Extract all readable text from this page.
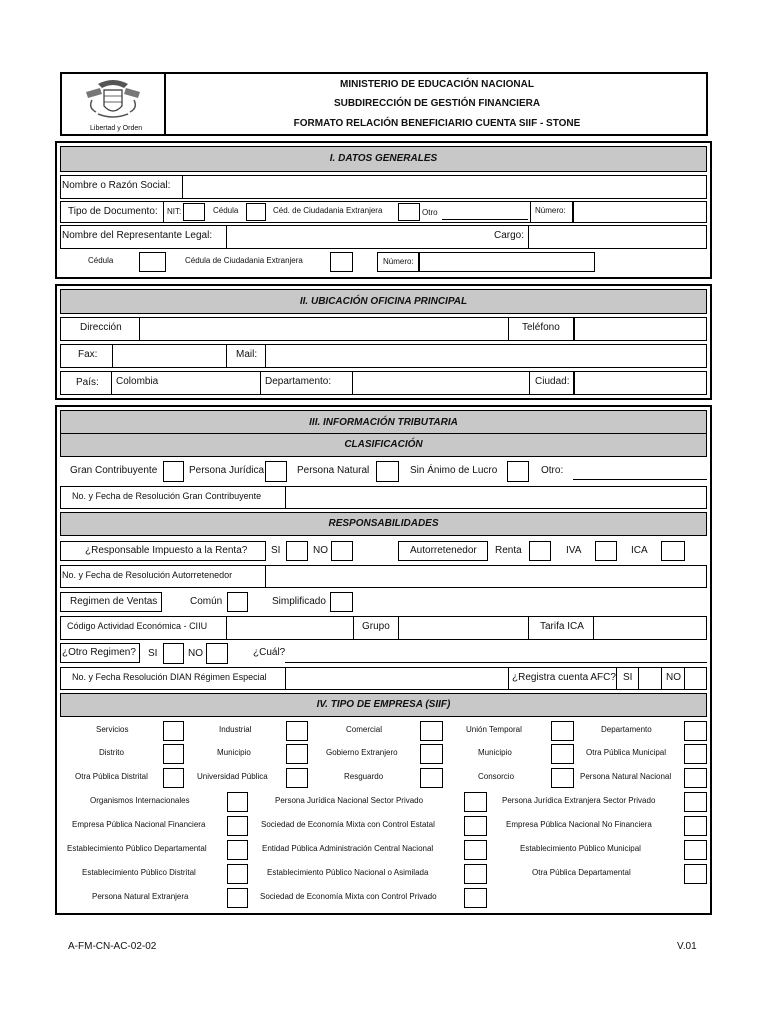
Libertad y Orden
MINISTERIO DE EDUCACIÓN NACIONAL
SUBDIRECCIÓN DE GESTIÓN FINANCIERA
FORMATO RELACIÓN BENEFICIARIO CUENTA SIIF - STONE
I. DATOS GENERALES
Nombre o Razón Social:
Tipo de Documento: NIT:	Cédula	Céd. de Ciudadania Extranjera	Otro	Número:
Nombre del Representante Legal:	Cargo:
Cédula	Cédula de Ciudadania Extranjera	Número:
II. UBICACIÓN OFICINA PRINCIPAL
Dirección	Teléfono
Fax:	Mail:
País: Colombia	Departamento:	Ciudad:
III. INFORMACIÓN TRIBUTARIA
CLASIFICACIÓN
Gran Contribuyente	Persona Jurídica	Persona Natural	Sin Ánimo de Lucro	Otro:
No. y Fecha de Resolución Gran Contribuyente
RESPONSABILIDADES
¿Responsable Impuesto a la Renta? SI	NO	Autorretenedor Renta	IVA	ICA
No. y Fecha de Resolución Autorretenedor
Regimen de Ventas	Común	Simplificado
Código Actividad Económica - CIIU	Grupo	Tarifa ICA
¿Otro Regimen? SI	NO	¿Cuál?
No. y Fecha Resolución DIAN Régimen Especial	¿Registra cuenta AFC? SI	NO
IV. TIPO DE EMPRESA (SIIF)
Servicios	Industrial	Comercial	Unión Temporal	Departamento
Distrito	Municipio	Gobierno Extranjero	Municipio	Otra Pública Municipal
Otra Pública Distrital	Universidad Pública	Resguardo	Consorcio	Persona Natural Nacional
Organismos Internacionales	Persona Jurídica Nacional Sector Privado	Persona Jurídica Extranjera Sector Privado
Empresa Pública Nacional Financiera	Sociedad de Economía Mixta con Control Estatal	Empresa Pública Nacional No Financiera
Establecimiento Público Departamental	Entidad Pública Administración Central Nacional	Establecimiento Público Municipal
Establecimiento Público Distrital	Establecimiento Público Nacional o Asimilada	Otra Pública Departamental
Persona Natural Extranjera	Sociedad de Economía Mixta con Control Privado
A-FM-CN-AC-02-02	V.01
